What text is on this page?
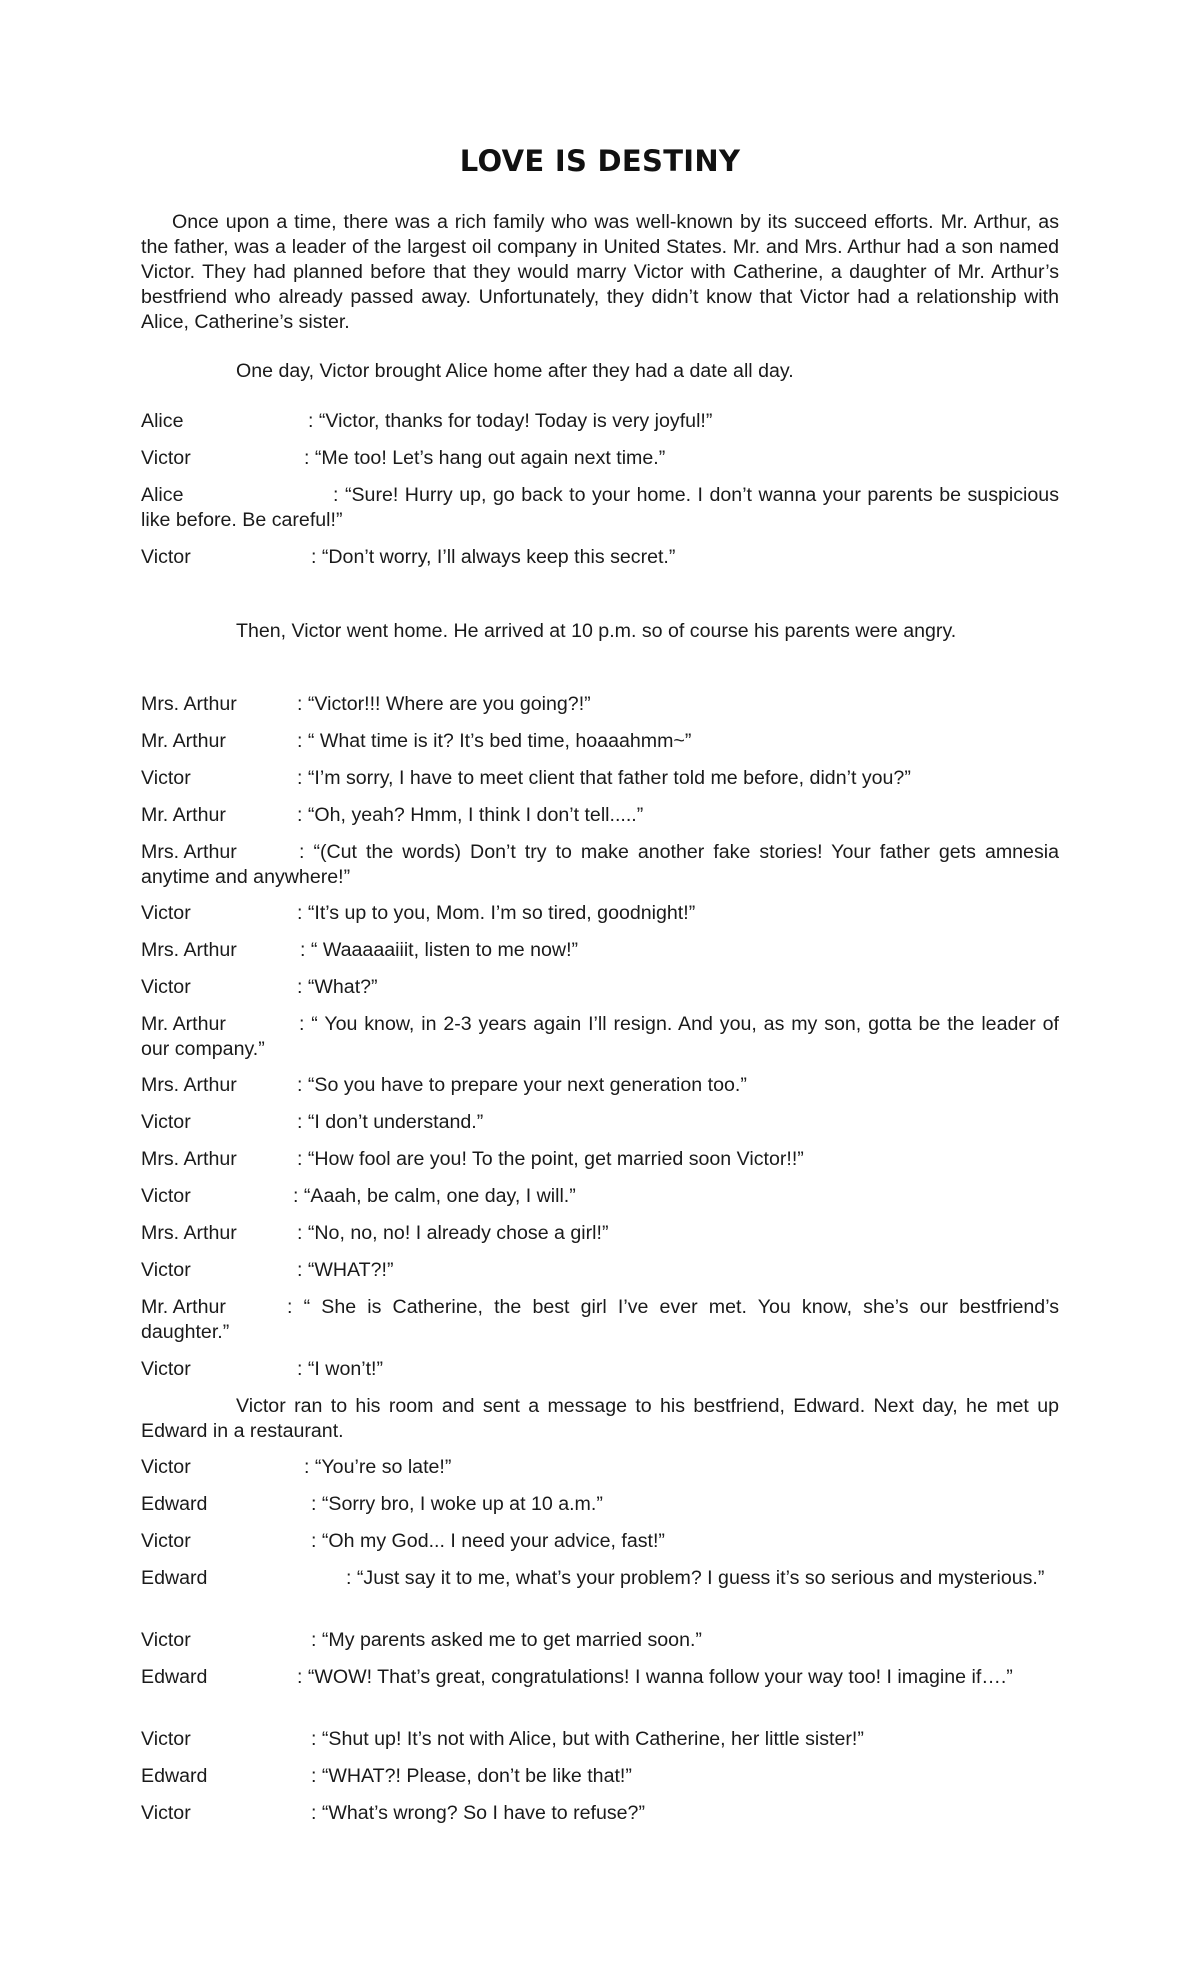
LOVE IS DESTINY

Once upon a time, there was a rich family who was well-known by its succeed efforts. Mr. Arthur, as the father, was a leader of the largest oil company in United States. Mr. and Mrs. Arthur had a son named Victor. They had planned before that they would marry Victor with Catherine, a daughter of Mr. Arthur’s bestfriend who already passed away. Unfortunately, they didn’t know that Victor had a relationship with Alice, Catherine’s sister.

One day, Victor brought Alice home after they had a date all day.

Alice	: “Victor, thanks for today! Today is very joyful!”

Victor	: “Me too! Let’s hang out again next time.”

Alice	: “Sure! Hurry up, go back to your home. I don’t wanna your parents be suspicious like before. Be careful!”

Victor	: “Don’t worry, I’ll always keep this secret.”

Then, Victor went home. He arrived at 10 p.m. so of course his parents were angry.

Mrs. Arthur	: “Victor!!! Where are you going?!”

Mr. Arthur	: “ What time is it? It’s bed time, hoaaahmm~”

Victor	: “I’m sorry, I have to meet client that father told me before, didn’t you?”

Mr. Arthur	: “Oh, yeah? Hmm, I think I don’t tell.....”

Mrs. Arthur	: “(Cut the words) Don’t try to make another fake stories! Your father gets amnesia anytime and anywhere!”

Victor	: “It’s up to you, Mom. I’m so tired, goodnight!”

Mrs. Arthur	: “ Waaaaaiiit, listen to me now!”

Victor	: “What?”

Mr. Arthur	: “ You know, in 2-3 years again I’ll resign. And you, as my son, gotta be the leader of our company.”

Mrs. Arthur	: “So you have to prepare your next generation too.”

Victor	: “I don’t understand.”

Mrs. Arthur	: “How fool are you! To the point, get married soon Victor!!”

Victor	: “Aaah, be calm, one day, I will.”

Mrs. Arthur	: “No, no, no! I already chose a girl!”

Victor	: “WHAT?!”

Mr. Arthur	: “ She is Catherine, the best girl I’ve ever met. You know, she’s our bestfriend’s daughter.”

Victor	: “I won’t!”

Victor ran to his room and sent a message to his bestfriend, Edward. Next day, he met up Edward in a restaurant.

Victor	: “You’re so late!”

Edward	: “Sorry bro, I woke up at 10 a.m.”

Victor	: “Oh my God... I need your advice, fast!”

Edward	: “Just say it to me, what’s your problem? I guess it’s so serious and mysterious.”

Victor	: “My parents asked me to get married soon.”

Edward	: “WOW! That’s great, congratulations! I wanna follow your way too! I imagine if….”

Victor	: “Shut up! It’s not with Alice, but with Catherine, her little sister!”

Edward	: “WHAT?! Please, don’t be like that!”

Victor	: “What’s wrong? So I have to refuse?”
